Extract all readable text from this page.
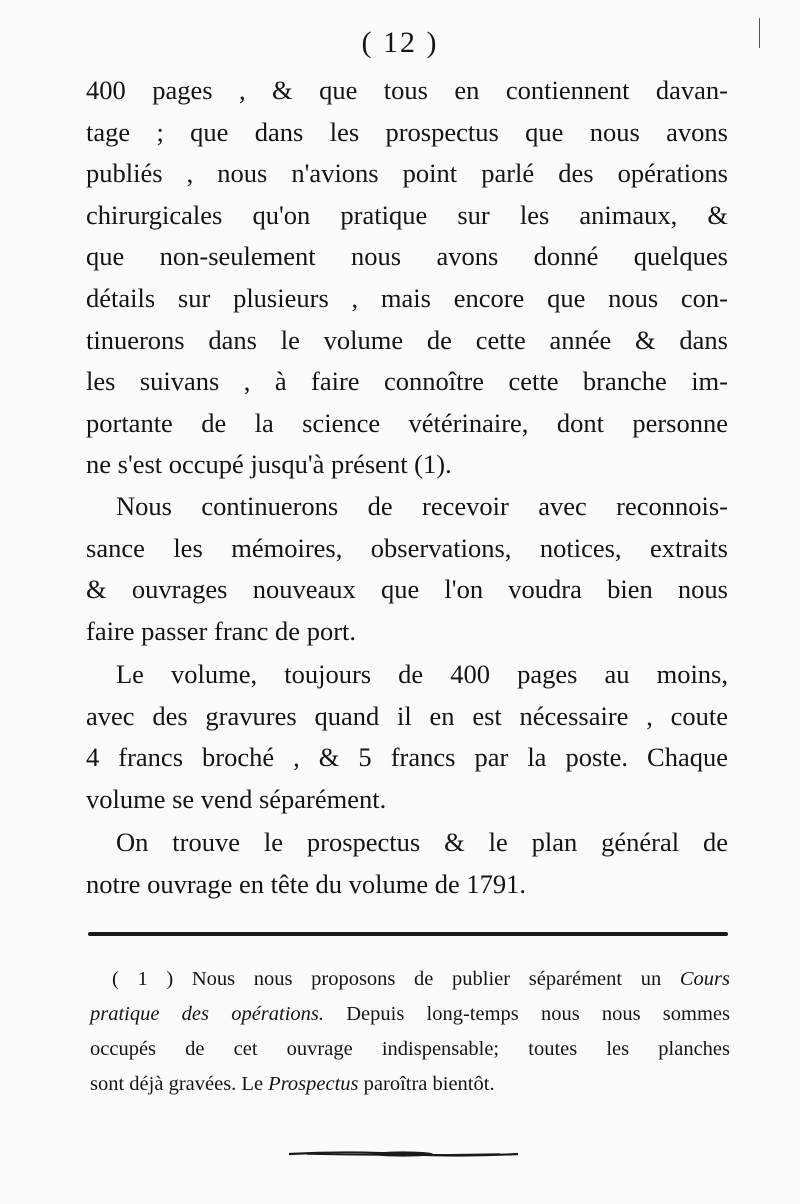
( 12 )
400 pages , & que tous en contiennent davan-
tage ; que dans les prospectus que nous avons
publiés , nous n'avions point parlé des opérations
chirurgicales qu'on pratique sur les animaux, &
que non-seulement nous avons donné quelques
détails sur plusieurs , mais encore que nous con-
tinuerons dans le volume de cette année & dans
les suivans , à faire connoître cette branche im-
portante de la science vétérinaire, dont personne
ne s'est occupé jusqu'à présent (1).
Nous continuerons de recevoir avec reconnois-
sance les mémoires, observations, notices, extraits
& ouvrages nouveaux que l'on voudra bien nous
faire passer franc de port.
Le volume, toujours de 400 pages au moins,
avec des gravures quand il en est nécessaire , coute
4 francs broché , & 5 francs par la poste. Chaque
volume se vend séparément.
On trouve le prospectus & le plan général de
notre ouvrage en tête du volume de 1791.
( 1 ) Nous nous proposons de publier séparément un Cours
pratique des opérations. Depuis long-temps nous nous sommes
occupés de cet ouvrage indispensable; toutes les planches
sont déjà gravées. Le Prospectus paroîtra bientôt.
